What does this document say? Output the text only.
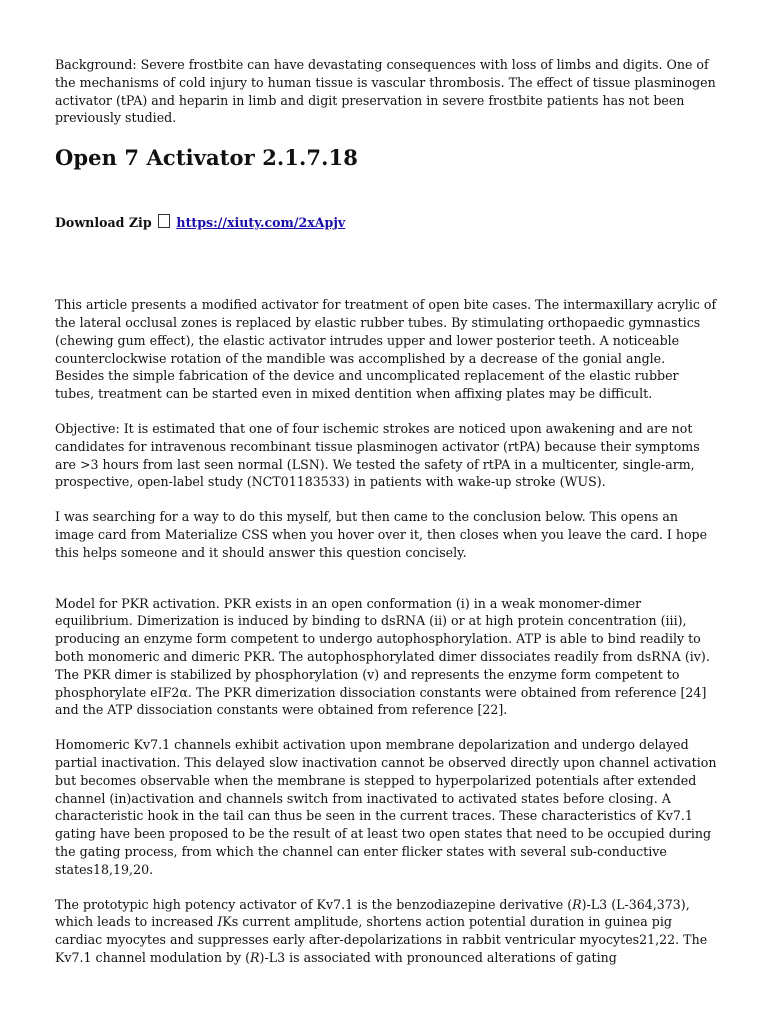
Background: Severe frostbite can have devastating consequences with loss of limbs and digits. One of the mechanisms of cold injury to human tissue is vascular thrombosis. The effect of tissue plasminogen activator (tPA) and heparin in limb and digit preservation in severe frostbite patients has not been previously studied.

Open 7 Activator 2.1.7.18
Download Zip https://xiuty.com/2xApjv

This article presents a modified activator for treatment of open bite cases. The intermaxillary acrylic of the lateral occlusal zones is replaced by elastic rubber tubes. By stimulating orthopaedic gymnastics (chewing gum effect), the elastic activator intrudes upper and lower posterior teeth. A noticeable counterclockwise rotation of the mandible was accomplished by a decrease of the gonial angle. Besides the simple fabrication of the device and uncomplicated replacement of the elastic rubber tubes, treatment can be started even in mixed dentition when affixing plates may be difficult.

Objective: It is estimated that one of four ischemic strokes are noticed upon awakening and are not candidates for intravenous recombinant tissue plasminogen activator (rtPA) because their symptoms are >3 hours from last seen normal (LSN). We tested the safety of rtPA in a multicenter, single-arm, prospective, open-label study (NCT01183533) in patients with wake-up stroke (WUS).

I was searching for a way to do this myself, but then came to the conclusion below. This opens an image card from Materialize CSS when you hover over it, then closes when you leave the card. I hope this helps someone and it should answer this question concisely.

Model for PKR activation. PKR exists in an open conformation (i) in a weak monomer-dimer equilibrium. Dimerization is induced by binding to dsRNA (ii) or at high protein concentration (iii), producing an enzyme form competent to undergo autophosphorylation. ATP is able to bind readily to both monomeric and dimeric PKR. The autophosphorylated dimer dissociates readily from dsRNA (iv). The PKR dimer is stabilized by phosphorylation (v) and represents the enzyme form competent to phosphorylate eIF2α. The PKR dimerization dissociation constants were obtained from reference [24] and the ATP dissociation constants were obtained from reference [22].

Homomeric Kv7.1 channels exhibit activation upon membrane depolarization and undergo delayed partial inactivation. This delayed slow inactivation cannot be observed directly upon channel activation but becomes observable when the membrane is stepped to hyperpolarized potentials after extended channel (in)activation and channels switch from inactivated to activated states before closing. A characteristic hook in the tail can thus be seen in the current traces. These characteristics of Kv7.1 gating have been proposed to be the result of at least two open states that need to be occupied during the gating process, from which the channel can enter flicker states with several sub-conductive states18,19,20.

The prototypic high potency activator of Kv7.1 is the benzodiazepine derivative (R)-L3 (L-364,373), which leads to increased IKs current amplitude, shortens action potential duration in guinea pig cardiac myocytes and suppresses early after-depolarizations in rabbit ventricular myocytes21,22. The Kv7.1 channel modulation by (R)-L3 is associated with pronounced alterations of gating
